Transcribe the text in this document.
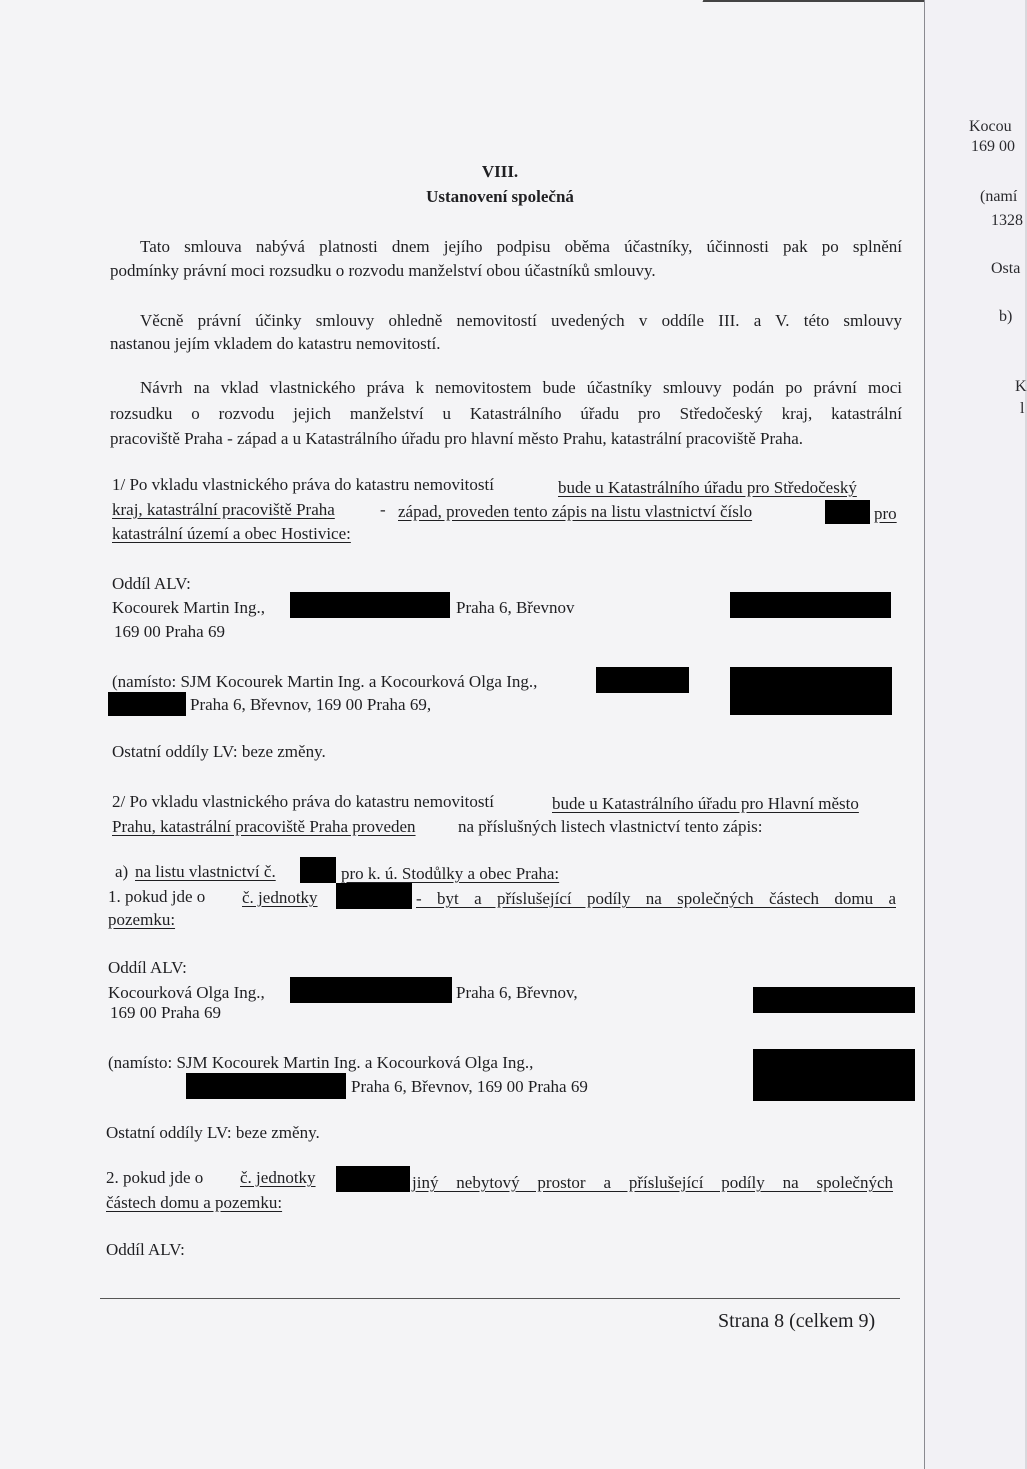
VIII.
Ustanovení společná
Tato smlouva nabývá platnosti dnem jejího podpisu oběma účastníky, účinnosti pak po splnění
podmínky právní moci rozsudku o rozvodu manželství obou účastníků smlouvy.
Věcně právní účinky smlouvy ohledně nemovitostí uvedených v oddíle III. a V. této smlouvy
nastanou jejím vkladem do katastru nemovitostí.
Návrh na vklad vlastnického práva k nemovitostem bude účastníky smlouvy podán po právní moci
rozsudku o rozvodu jejich manželství u Katastrálního úřadu pro Středočeský kraj, katastrální
pracoviště Praha - západ a u Katastrálního úřadu pro hlavní město Prahu, katastrální pracoviště Praha.
1/ Po vkladu vlastnického práva do katastru nemovitostí	bude u Katastrálního úřadu pro Středočeský
kraj, katastrální pracoviště Praha	- západ, proveden tento zápis na listu vlastnictví číslo	pro
katastrální území a obec Hostivice:
Oddíl ALV:
Kocourek Martin Ing.,	Praha 6, Břevnov
169 00 Praha 69
(namísto: SJM Kocourek Martin Ing. a Kocourková Olga Ing.,
Praha 6, Břevnov, 169 00 Praha 69,
Ostatní oddíly LV: beze změny.
2/ Po vkladu vlastnického práva do katastru nemovitostí	bude u Katastrálního úřadu pro Hlavní město
Prahu, katastrální pracoviště Praha proveden na příslušných listech vlastnictví tento zápis:
a) na listu vlastnictví č.	pro k. ú. Stodůlky a obec Praha:
1. pokud jde o č. jednotky	- byt a příslušející podíly na společných částech domu a
pozemku:
Oddíl ALV:
Kocourková Olga Ing.,	Praha 6, Břevnov,
169 00 Praha 69
(namísto: SJM Kocourek Martin Ing. a Kocourková Olga Ing.,
Praha 6, Břevnov, 169 00 Praha 69
Ostatní oddíly LV: beze změny.
2. pokud jde o č. jednotky	jiný nebytový prostor a příslušející podíly na společných
částech domu a pozemku:
Oddíl ALV:
Strana 8 (celkem 9)
Kocou
169 00
(namí
1328
Osta
b)
K
l
